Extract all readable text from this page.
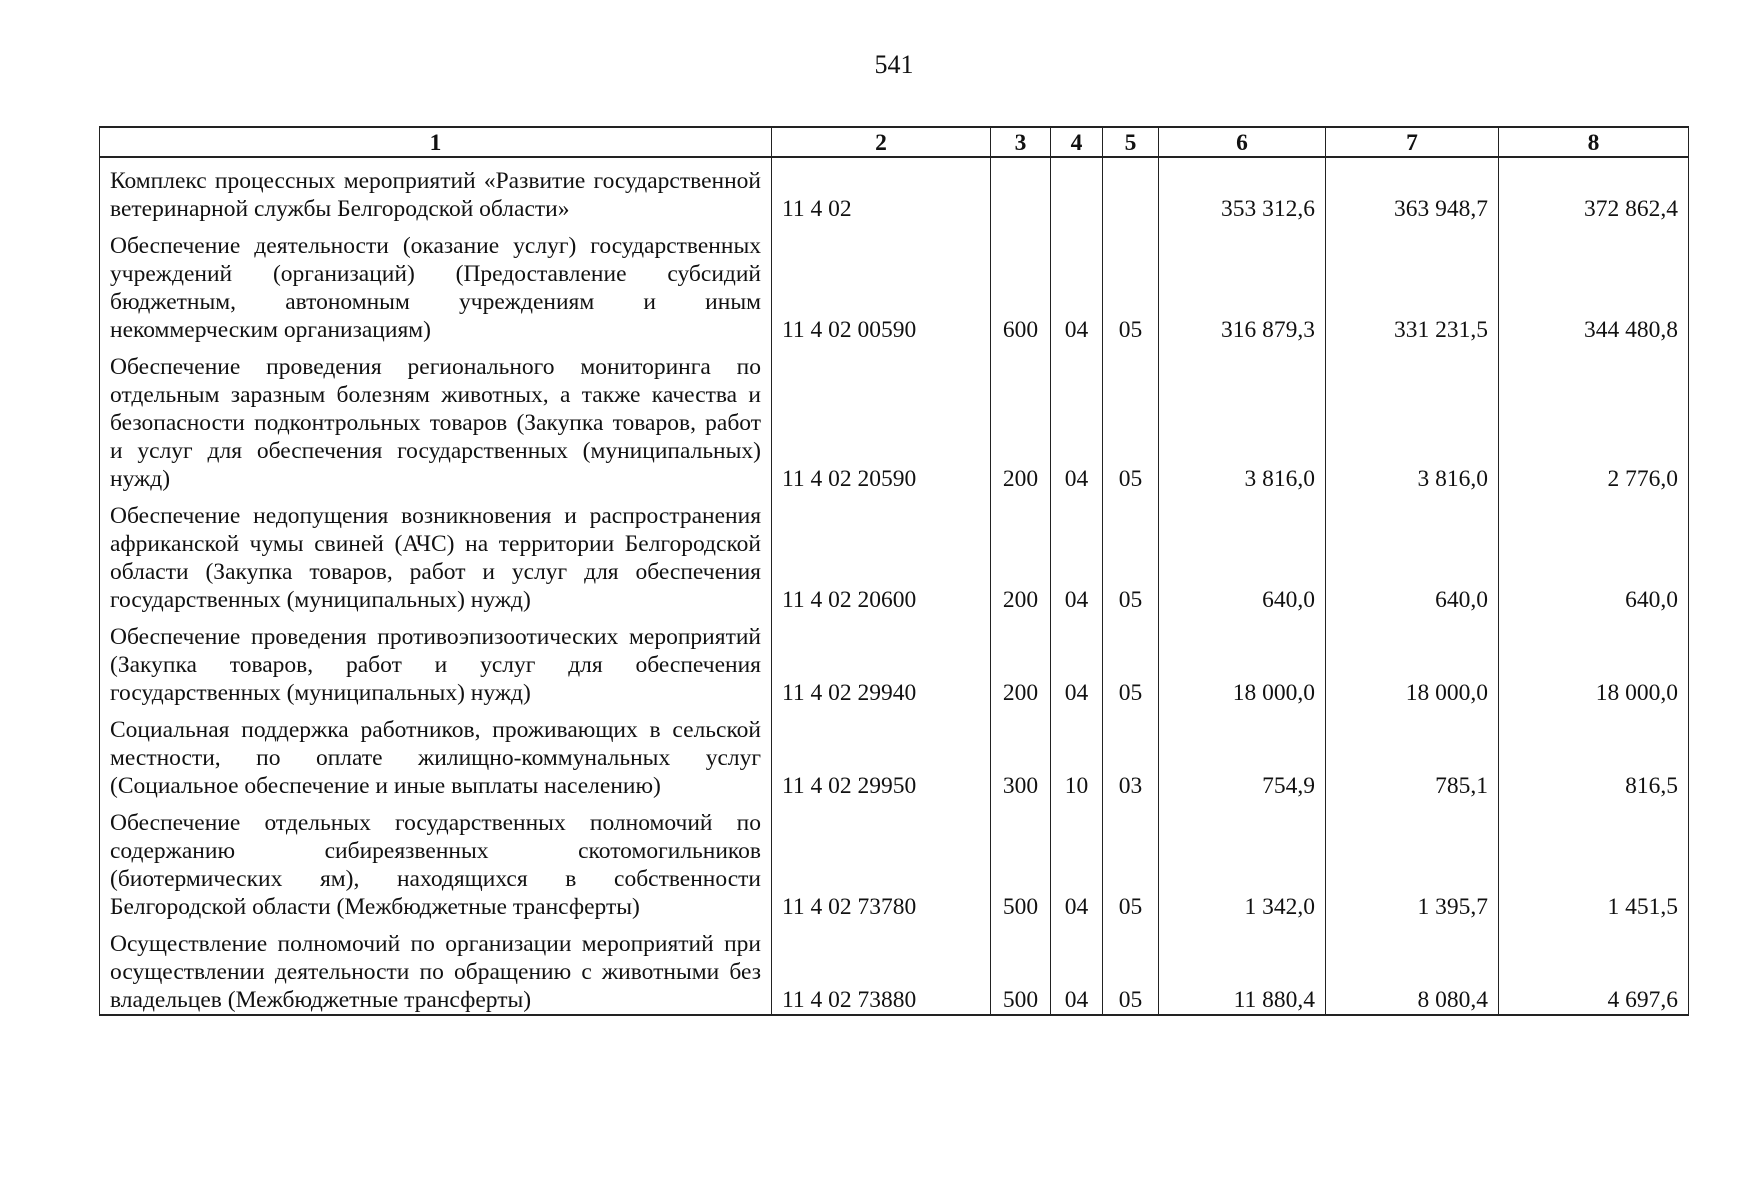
541
1	2	3	4	5	6	7	8
Комплекс процессных мероприятий «Развитие государственной ветеринарной службы Белгородской области»	11 4 02				353 312,6	363 948,7	372 862,4
Обеспечение деятельности (оказание услуг) государственных учреждений (организаций) (Предоставление субсидий бюджетным, автономным учреждениям и иным некоммерческим организациям)	11 4 02 00590	600	04	05	316 879,3	331 231,5	344 480,8
Обеспечение проведения регионального мониторинга по отдельным заразным болезням животных, а также качества и безопасности подконтрольных товаров (Закупка товаров, работ и услуг для обеспечения государственных (муниципальных) нужд)	11 4 02 20590	200	04	05	3 816,0	3 816,0	2 776,0
Обеспечение недопущения возникновения и распространения африканской чумы свиней (АЧС) на территории Белгородской области (Закупка товаров, работ и услуг для обеспечения государственных (муниципальных) нужд)	11 4 02 20600	200	04	05	640,0	640,0	640,0
Обеспечение проведения противоэпизоотических мероприятий (Закупка товаров, работ и услуг для обеспечения государственных (муниципальных) нужд)	11 4 02 29940	200	04	05	18 000,0	18 000,0	18 000,0
Социальная поддержка работников, проживающих в сельской местности, по оплате жилищно-коммунальных услуг (Социальное обеспечение и иные выплаты населению)	11 4 02 29950	300	10	03	754,9	785,1	816,5
Обеспечение отдельных государственных полномочий по содержанию сибиреязвенных скотомогильников (биотермических ям), находящихся в собственности Белгородской области (Межбюджетные трансферты)	11 4 02 73780	500	04	05	1 342,0	1 395,7	1 451,5
Осуществление полномочий по организации мероприятий при осуществлении деятельности по обращению с животными без владельцев (Межбюджетные трансферты)	11 4 02 73880	500	04	05	11 880,4	8 080,4	4 697,6
